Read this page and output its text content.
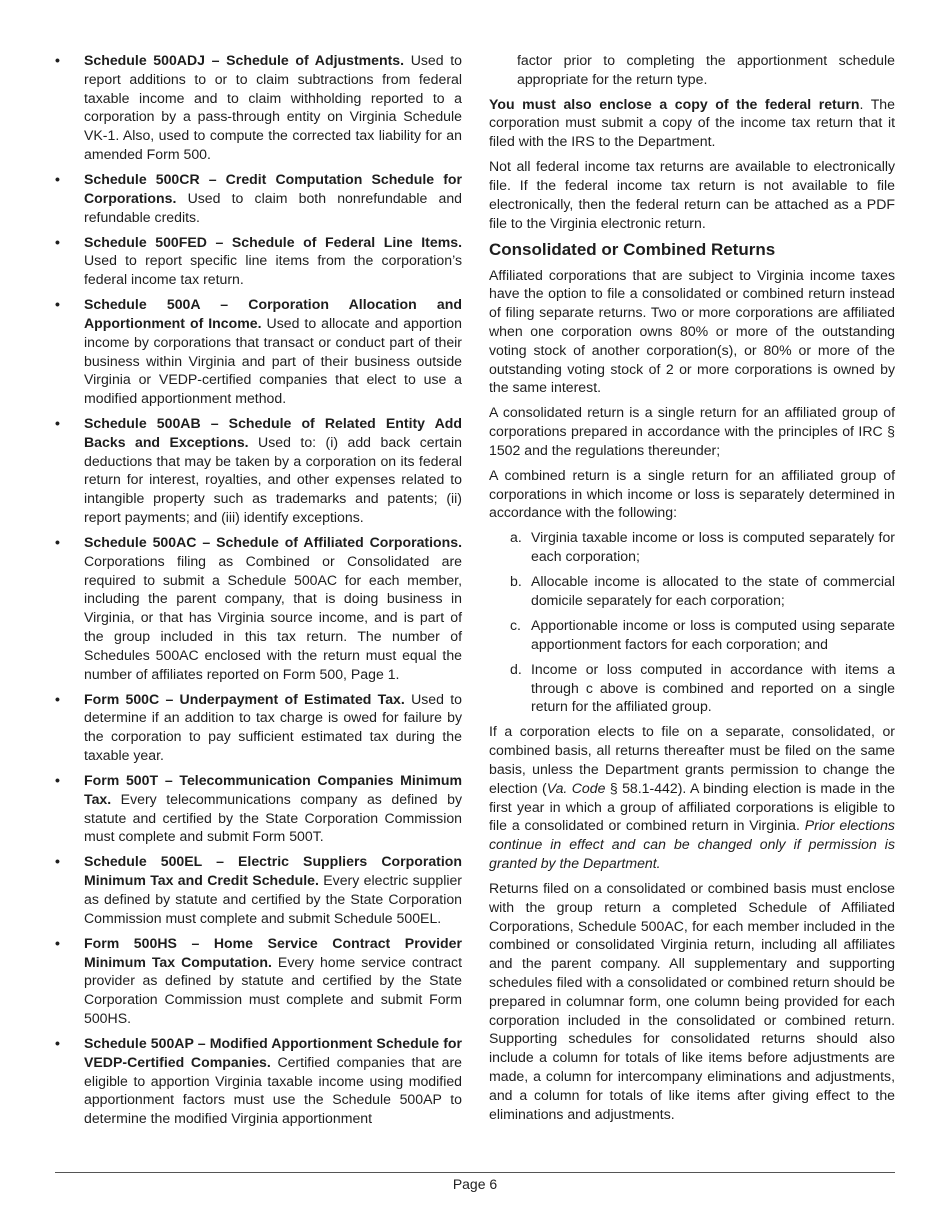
• Schedule 500ADJ – Schedule of Adjustments. Used to report additions to or to claim subtractions from federal taxable income and to claim withholding reported to a corporation by a pass-through entity on Virginia Schedule VK-1. Also, used to compute the corrected tax liability for an amended Form 500.
• Schedule 500CR – Credit Computation Schedule for Corporations. Used to claim both nonrefundable and refundable credits.
• Schedule 500FED – Schedule of Federal Line Items. Used to report specific line items from the corporation’s federal income tax return.
• Schedule 500A – Corporation Allocation and Apportionment of Income. Used to allocate and apportion income by corporations that transact or conduct part of their business within Virginia and part of their business outside Virginia or VEDP-certified companies that elect to use a modified apportionment method.
• Schedule 500AB – Schedule of Related Entity Add Backs and Exceptions. Used to: (i) add back certain deductions that may be taken by a corporation on its federal return for interest, royalties, and other expenses related to intangible property such as trademarks and patents; (ii) report payments; and (iii) identify exceptions.
• Schedule 500AC – Schedule of Affiliated Corporations. Corporations filing as Combined or Consolidated are required to submit a Schedule 500AC for each member, including the parent company, that is doing business in Virginia, or that has Virginia source income, and is part of the group included in this tax return. The number of Schedules 500AC enclosed with the return must equal the number of affiliates reported on Form 500, Page 1.
• Form 500C – Underpayment of Estimated Tax. Used to determine if an addition to tax charge is owed for failure by the corporation to pay sufficient estimated tax during the taxable year.
• Form 500T – Telecommunication Companies Minimum Tax. Every telecommunications company as defined by statute and certified by the State Corporation Commission must complete and submit Form 500T.
• Schedule 500EL – Electric Suppliers Corporation Minimum Tax and Credit Schedule. Every electric supplier as defined by statute and certified by the State Corporation Commission must complete and submit Schedule 500EL.
• Form 500HS – Home Service Contract Provider Minimum Tax Computation. Every home service contract provider as defined by statute and certified by the State Corporation Commission must complete and submit Form 500HS.
• Schedule 500AP – Modified Apportionment Schedule for VEDP-Certified Companies. Certified companies that are eligible to apportion Virginia taxable income using modified apportionment factors must use the Schedule 500AP to determine the modified Virginia apportionment

factor prior to completing the apportionment schedule appropriate for the return type.

You must also enclose a copy of the federal return. The corporation must submit a copy of the income tax return that it filed with the IRS to the Department.

Not all federal income tax returns are available to electronically file. If the federal income tax return is not available to file electronically, then the federal return can be attached as a PDF file to the Virginia electronic return.

Consolidated or Combined Returns

Affiliated corporations that are subject to Virginia income taxes have the option to file a consolidated or combined return instead of filing separate returns. Two or more corporations are affiliated when one corporation owns 80% or more of the outstanding voting stock of another corporation(s), or 80% or more of the outstanding voting stock of 2 or more corporations is owned by the same interest.

A consolidated return is a single return for an affiliated group of corporations prepared in accordance with the principles of IRC § 1502 and the regulations thereunder;

A combined return is a single return for an affiliated group of corporations in which income or loss is separately determined in accordance with the following:

a. Virginia taxable income or loss is computed separately for each corporation;
b. Allocable income is allocated to the state of commercial domicile separately for each corporation;
c. Apportionable income or loss is computed using separate apportionment factors for each corporation; and
d. Income or loss computed in accordance with items a through c above is combined and reported on a single return for the affiliated group.

If a corporation elects to file on a separate, consolidated, or combined basis, all returns thereafter must be filed on the same basis, unless the Department grants permission to change the election (Va. Code § 58.1-442). A binding election is made in the first year in which a group of affiliated corporations is eligible to file a consolidated or combined return in Virginia. Prior elections continue in effect and can be changed only if permission is granted by the Department.

Returns filed on a consolidated or combined basis must enclose with the group return a completed Schedule of Affiliated Corporations, Schedule 500AC, for each member included in the combined or consolidated Virginia return, including all affiliates and the parent company. All supplementary and supporting schedules filed with a consolidated or combined return should be prepared in columnar form, one column being provided for each corporation included in the consolidated or combined return. Supporting schedules for consolidated returns should also include a column for totals of like items before adjustments are made, a column for intercompany eliminations and adjustments, and a column for totals of like items after giving effect to the eliminations and adjustments.

Page 6
